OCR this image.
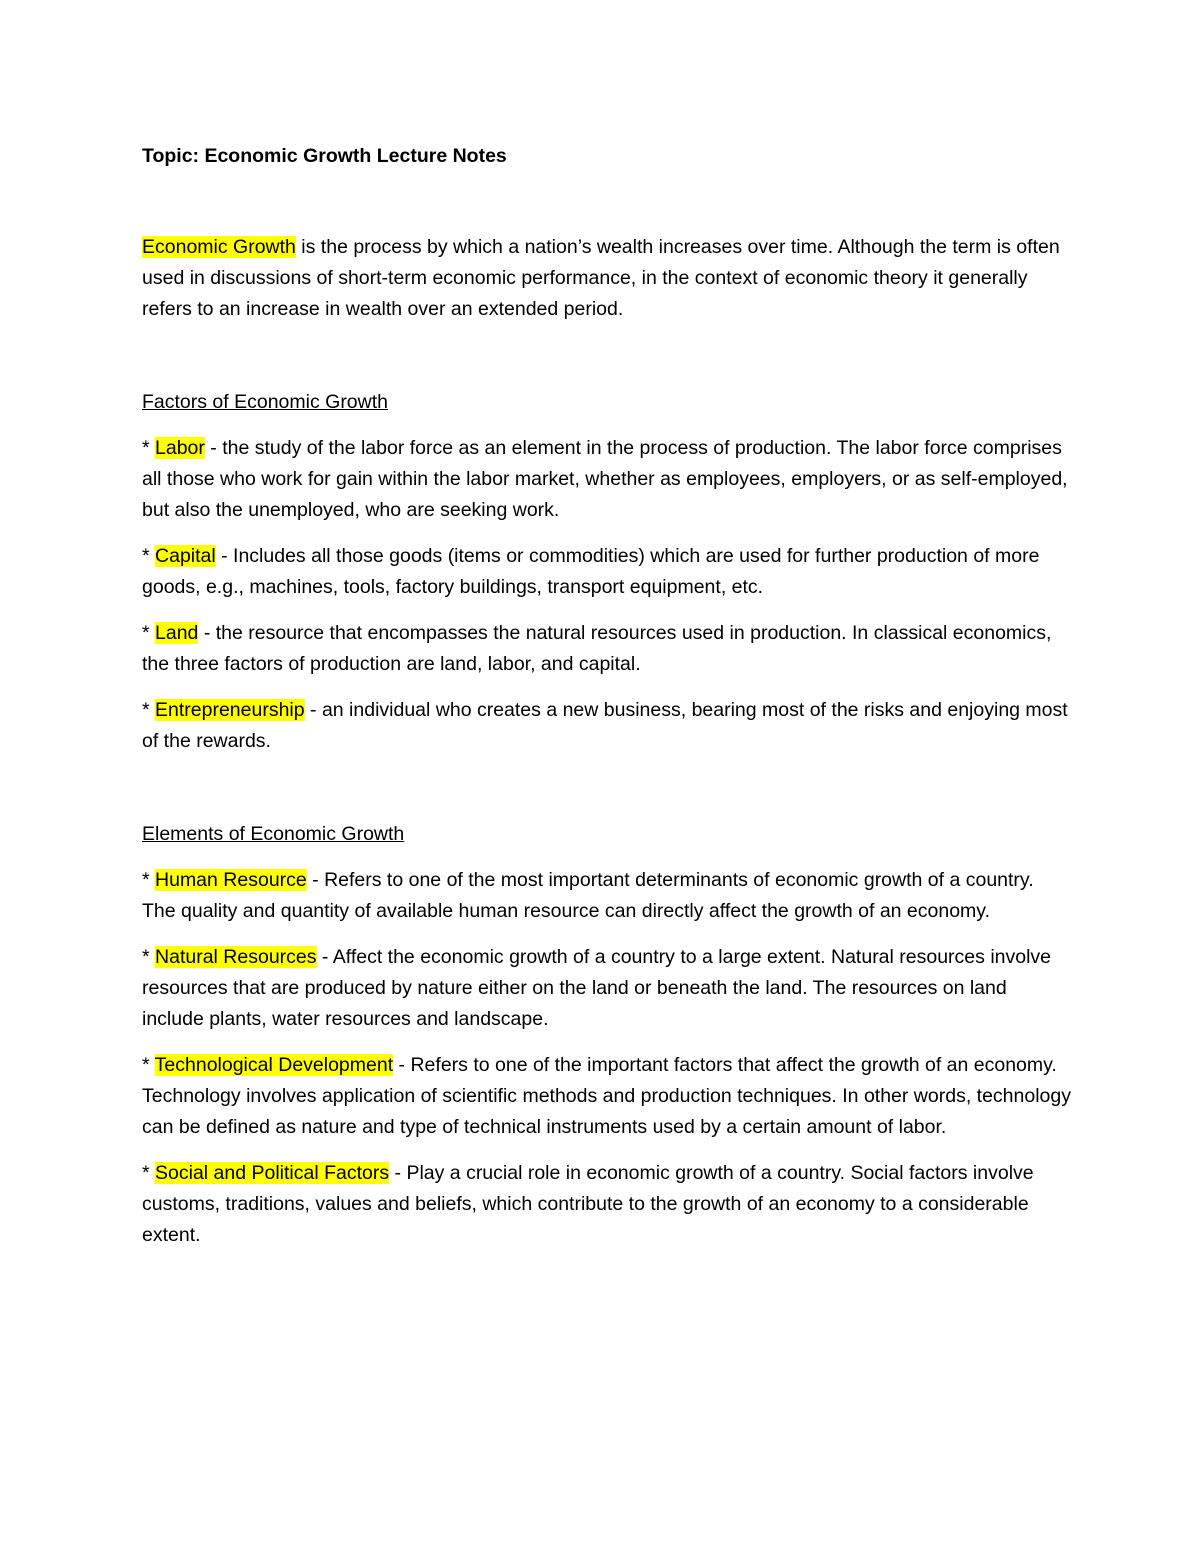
Topic: Economic Growth Lecture Notes

Economic Growth is the process by which a nation’s wealth increases over time. Although the term is often used in discussions of short-term economic performance, in the context of economic theory it generally refers to an increase in wealth over an extended period.

Factors of Economic Growth

* Labor - the study of the labor force as an element in the process of production. The labor force comprises all those who work for gain within the labor market, whether as employees, employers, or as self-employed, but also the unemployed, who are seeking work.

* Capital - Includes all those goods (items or commodities) which are used for further production of more goods, e.g., machines, tools, factory buildings, transport equipment, etc.

* Land - the resource that encompasses the natural resources used in production. In classical economics, the three factors of production are land, labor, and capital.

* Entrepreneurship - an individual who creates a new business, bearing most of the risks and enjoying most of the rewards.

Elements of Economic Growth

* Human Resource - Refers to one of the most important determinants of economic growth of a country. The quality and quantity of available human resource can directly affect the growth of an economy.

* Natural Resources - Affect the economic growth of a country to a large extent. Natural resources involve resources that are produced by nature either on the land or beneath the land. The resources on land include plants, water resources and landscape.

* Technological Development - Refers to one of the important factors that affect the growth of an economy. Technology involves application of scientific methods and production techniques. In other words, technology can be defined as nature and type of technical instruments used by a certain amount of labor.

* Social and Political Factors - Play a crucial role in economic growth of a country. Social factors involve customs, traditions, values and beliefs, which contribute to the growth of an economy to a considerable extent.
